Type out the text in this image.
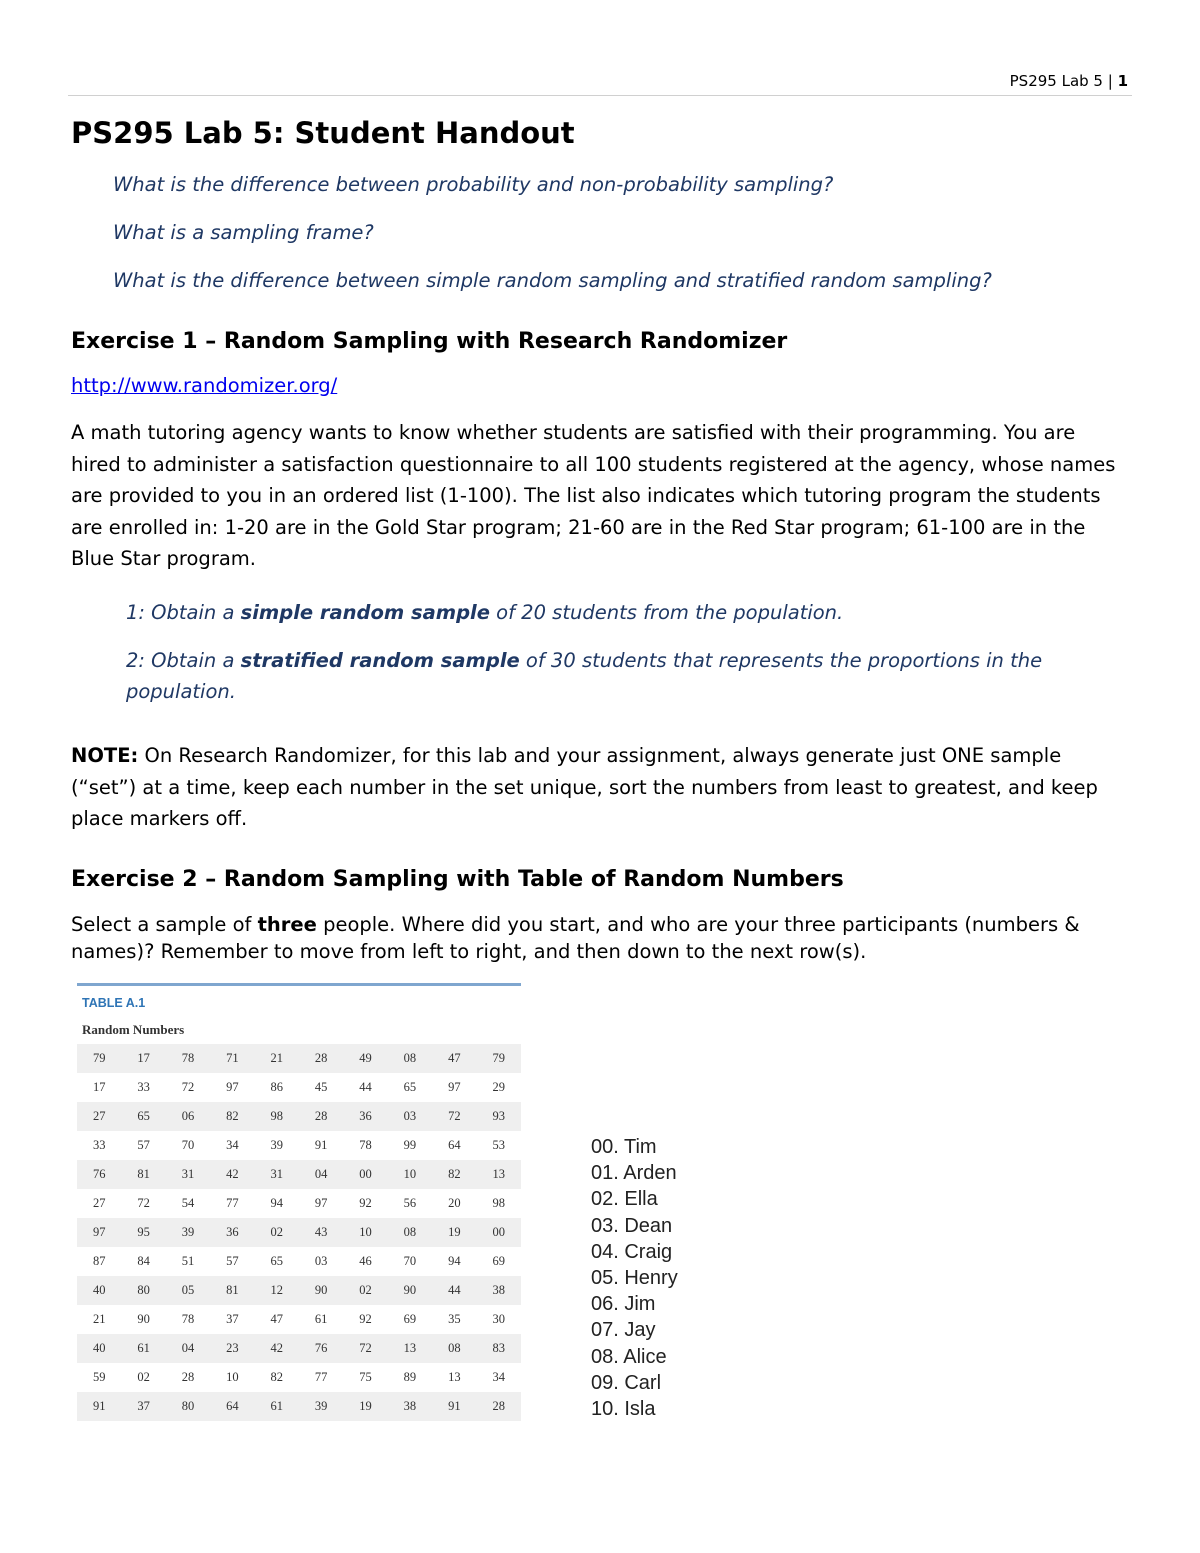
PS295 Lab 5 | 1
PS295 Lab 5: Student Handout

What is the difference between probability and non-probability sampling?

What is a sampling frame?

What is the difference between simple random sampling and stratified random sampling?

Exercise 1 – Random Sampling with Research Randomizer
http://www.randomizer.org/

A math tutoring agency wants to know whether students are satisfied with their programming. You are hired to administer a satisfaction questionnaire to all 100 students registered at the agency, whose names are provided to you in an ordered list (1-100). The list also indicates which tutoring program the students are enrolled in: 1-20 are in the Gold Star program; 21-60 are in the Red Star program; 61-100 are in the Blue Star program.

1: Obtain a simple random sample of 20 students from the population.

2: Obtain a stratified random sample of 30 students that represents the proportions in the population.

NOTE: On Research Randomizer, for this lab and your assignment, always generate just ONE sample (“set”) at a time, keep each number in the set unique, sort the numbers from least to greatest, and keep place markers off.

Exercise 2 – Random Sampling with Table of Random Numbers

Select a sample of three people. Where did you start, and who are your three participants (numbers & names)? Remember to move from left to right, and then down to the next row(s).

TABLE A.1
Random Numbers
79	17	78	71	21	28	49	08	47	79
17	33	72	97	86	45	44	65	97	29
27	65	06	82	98	28	36	03	72	93
33	57	70	34	39	91	78	99	64	53
76	81	31	42	31	04	00	10	82	13
27	72	54	77	94	97	92	56	20	98
97	95	39	36	02	43	10	08	19	00
87	84	51	57	65	03	46	70	94	69
40	80	05	81	12	90	02	90	44	38
21	90	78	37	47	61	92	69	35	30
40	61	04	23	42	76	72	13	08	83
59	02	28	10	82	77	75	89	13	34
91	37	80	64	61	39	19	38	91	28
00. Tim
01. Arden
02. Ella
03. Dean
04. Craig
05. Henry
06. Jim
07. Jay
08. Alice
09. Carl
10. Isla
